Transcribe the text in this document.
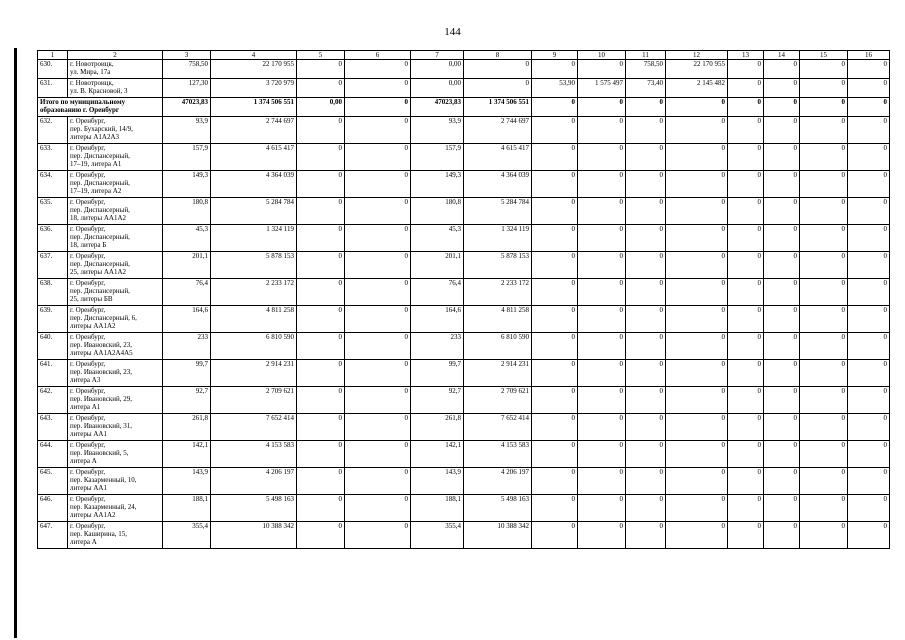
144
1	2	3	4	5	6	7	8	9	10	11	12	13	14	15	16
630.	г. Новотроицк,
ул. Мира, 17а	758,50	22 170 955	0	0	0,00	0	0	0	758,50	22 170 955	0	0	0	0
631.	г. Новотроицк,
ул. В. Красновой, 3	127,30	3 720 979	0	0	0,00	0	53,90	1 575 497	73,40	2 145 482	0	0	0	0

Итого по муниципальному
образованию г. Оренбург		47023,83	1 374 506 551	0,00	0	47023,83	1 374 506 551	0	0	0	0	0	0	0	0
632.	г. Оренбург,
пер. Бухарский, 14/9,
литеры А1А2А3	93,9	2 744 697	0	0	93,9	2 744 697	0	0	0	0	0	0	0	0
633.	г. Оренбург,
пер. Диспансерный,
17–19, литера А1	157,9	4 615 417	0	0	157,9	4 615 417	0	0	0	0	0	0	0	0
634.	г. Оренбург,
пер. Диспансерный,
17–19, литера А2	149,3	4 364 039	0	0	149,3	4 364 039	0	0	0	0	0	0	0	0
635.	г. Оренбург,
пер. Диспансерный,
18, литеры АА1А2	180,8	5 284 784	0	0	180,8	5 284 784	0	0	0	0	0	0	0	0
636.	г. Оренбург,
пер. Диспансерный,
18, литера Б	45,3	1 324 119	0	0	45,3	1 324 119	0	0	0	0	0	0	0	0
637.	г. Оренбург,
пер. Диспансерный,
25, литеры АА1А2	201,1	5 878 153	0	0	201,1	5 878 153	0	0	0	0	0	0	0	0
638.	г. Оренбург,
пер. Диспансерный,
25, литеры БВ	76,4	2 233 172	0	0	76,4	2 233 172	0	0	0	0	0	0	0	0
639.	г. Оренбург,
пер. Диспансерный, 6,
литеры АА1А2	164,6	4 811 258	0	0	164,6	4 811 258	0	0	0	0	0	0	0	0
640.	г. Оренбург,
пер. Ивановский, 23,
литеры АА1А2А4А5	233	6 810 590	0	0	233	6 810 590	0	0	0	0	0	0	0	0
641.	г. Оренбург,
пер. Ивановский, 23,
литера А3	99,7	2 914 231	0	0	99,7	2 914 231	0	0	0	0	0	0	0	0
642.	г. Оренбург,
пер. Ивановский, 29,
литера А1	92,7	2 709 621	0	0	92,7	2 709 621	0	0	0	0	0	0	0	0
643.	г. Оренбург,
пер. Ивановский, 31,
литеры АА1	261,8	7 652 414	0	0	261,8	7 652 414	0	0	0	0	0	0	0	0
644.	г. Оренбург,
пер. Ивановский, 5,
литера А	142,1	4 153 583	0	0	142,1	4 153 583	0	0	0	0	0	0	0	0
645.	г. Оренбург,
пер. Казарменный, 10,
литеры АА1	143,9	4 206 197	0	0	143,9	4 206 197	0	0	0	0	0	0	0	0
646.	г. Оренбург,
пер. Казарменный, 24,
литеры АА1А2	188,1	5 498 163	0	0	188,1	5 498 163	0	0	0	0	0	0	0	0
647.	г. Оренбург,
пер. Каширина, 15,
литера А	355,4	10 388 342	0	0	355,4	10 388 342	0	0	0	0	0	0	0	0
